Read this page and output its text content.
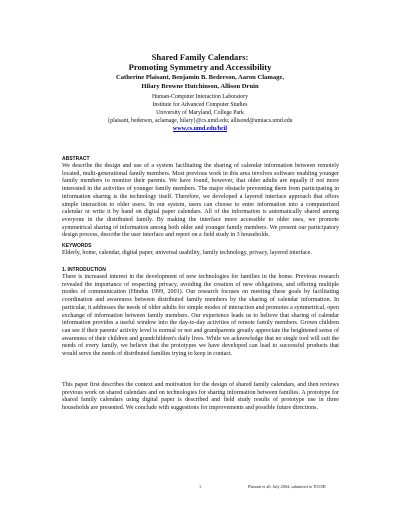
Shared Family Calendars:
Promoting Symmetry and Accessibility
Catherine Plaisant, Benjamin B. Bederson, Aaron Clamage,
Hilary Browne Hutchinson, Allison Druin
Human-Computer Interaction Laboratory
Institute for Advanced Computer Studies
University of Maryland, College Park
{plaisant, bederson, aclamage, hilary}@cs.umd.edu; allisond@umiacs.umd.edu
www.cs.umd.edu/hcil
ABSTRACT

We describe the design and use of a system facilitating the sharing of calendar information between remotely located, multi-generational family members. Most previous work in this area involves software enabling younger family members to monitor their parents. We have found, however, that older adults are equally if not more interested in the activities of younger family members. The major obstacle preventing them from participating in information sharing is the technology itself. Therefore, we developed a layered interface approach that offers simple interaction to older users. In our system, users can choose to enter information into a computerized calendar or write it by hand on digital paper calendars. All of the information is automatically shared among everyone in the distributed family. By making the interface more accessible to older uses, we promote symmetrical sharing of information among both older and younger family members. We present our participatory design process, describe the user interface and report on a field study in 3 households.

KEYWORDS

Elderly, home, calendar, digital paper, universal usability, family technology, privacy, layered interface.

1. INTRODUCTION

There is increased interest in the development of new technologies for families in the home. Previous research revealed the importance of respecting privacy, avoiding the creation of new obligations, and offering multiple modes of communication (Hindus 1999, 2001). Our research focuses on meeting these goals by facilitating coordination and awareness between distributed family members by the sharing of calendar information. In particular, it addresses the needs of older adults for simple modes of interaction and promotes a symmetrical, open exchange of information between family members. Our experience leads us to believe that sharing of calendar information provides a useful window into the day-to-day activities of remote family members. Grown children can see if their parents' activity level is normal or not and grandparents greatly appreciate the heightened sense of awareness of their children and grandchildren's daily lives. While we acknowledge that no single tool will suit the needs of every family, we believe that the prototypes we have developed can lead to successful products that would serve the needs of distributed families trying to keep in contact.

This paper first describes the context and motivation for the design of shared family calendars, and then reviews previous work on shared calendars and on technologies for sharing information between families. A prototype for shared family calendars using digital paper is described and field study results of prototype use in three households are presented. We conclude with suggestions for improvements and possible future directions.

1	Plaisant et all, July 2004, submitted to TOCHI
